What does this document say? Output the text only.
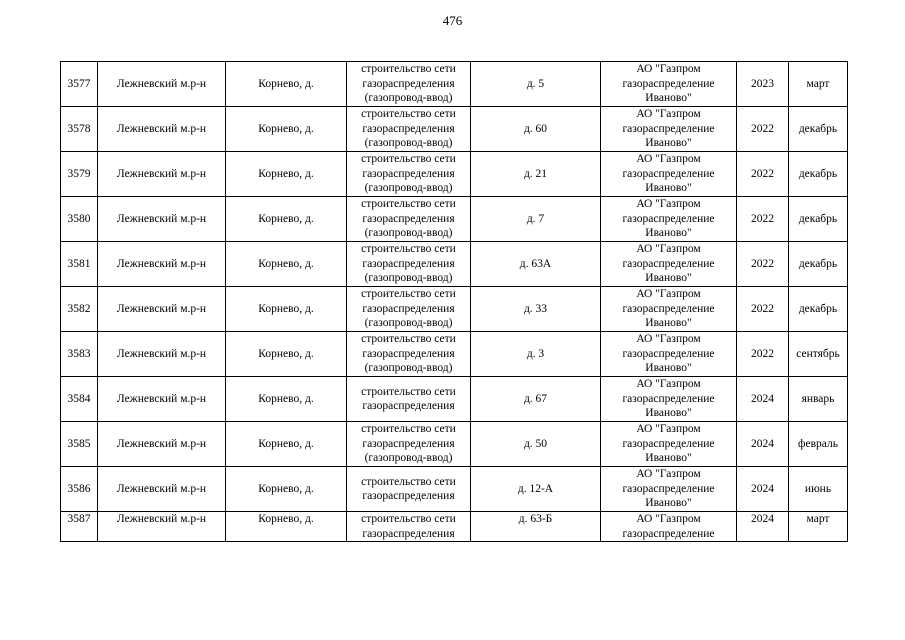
476
3577	Лежневский м.р-н	Корнево, д.	строительство сети газораспределения (газопровод-ввод)	д. 5	АО "Газпром газораспределение Иваново"	2023	март
3578	Лежневский м.р-н	Корнево, д.	строительство сети газораспределения (газопровод-ввод)	д. 60	АО "Газпром газораспределение Иваново"	2022	декабрь
3579	Лежневский м.р-н	Корнево, д.	строительство сети газораспределения (газопровод-ввод)	д. 21	АО "Газпром газораспределение Иваново"	2022	декабрь
3580	Лежневский м.р-н	Корнево, д.	строительство сети газораспределения (газопровод-ввод)	д. 7	АО "Газпром газораспределение Иваново"	2022	декабрь
3581	Лежневский м.р-н	Корнево, д.	строительство сети газораспределения (газопровод-ввод)	д. 63А	АО "Газпром газораспределение Иваново"	2022	декабрь
3582	Лежневский м.р-н	Корнево, д.	строительство сети газораспределения (газопровод-ввод)	д. 33	АО "Газпром газораспределение Иваново"	2022	декабрь
3583	Лежневский м.р-н	Корнево, д.	строительство сети газораспределения (газопровод-ввод)	д. 3	АО "Газпром газораспределение Иваново"	2022	сентябрь
3584	Лежневский м.р-н	Корнево, д.	строительство сети газораспределения	д. 67	АО "Газпром газораспределение Иваново"	2024	январь
3585	Лежневский м.р-н	Корнево, д.	строительство сети газораспределения (газопровод-ввод)	д. 50	АО "Газпром газораспределение Иваново"	2024	февраль
3586	Лежневский м.р-н	Корнево, д.	строительство сети газораспределения	д. 12-А	АО "Газпром газораспределение Иваново"	2024	июнь
3587	Лежневский м.р-н	Корнево, д.	строительство сети газораспределения	д. 63-Б	АО "Газпром газораспределение	2024	март
